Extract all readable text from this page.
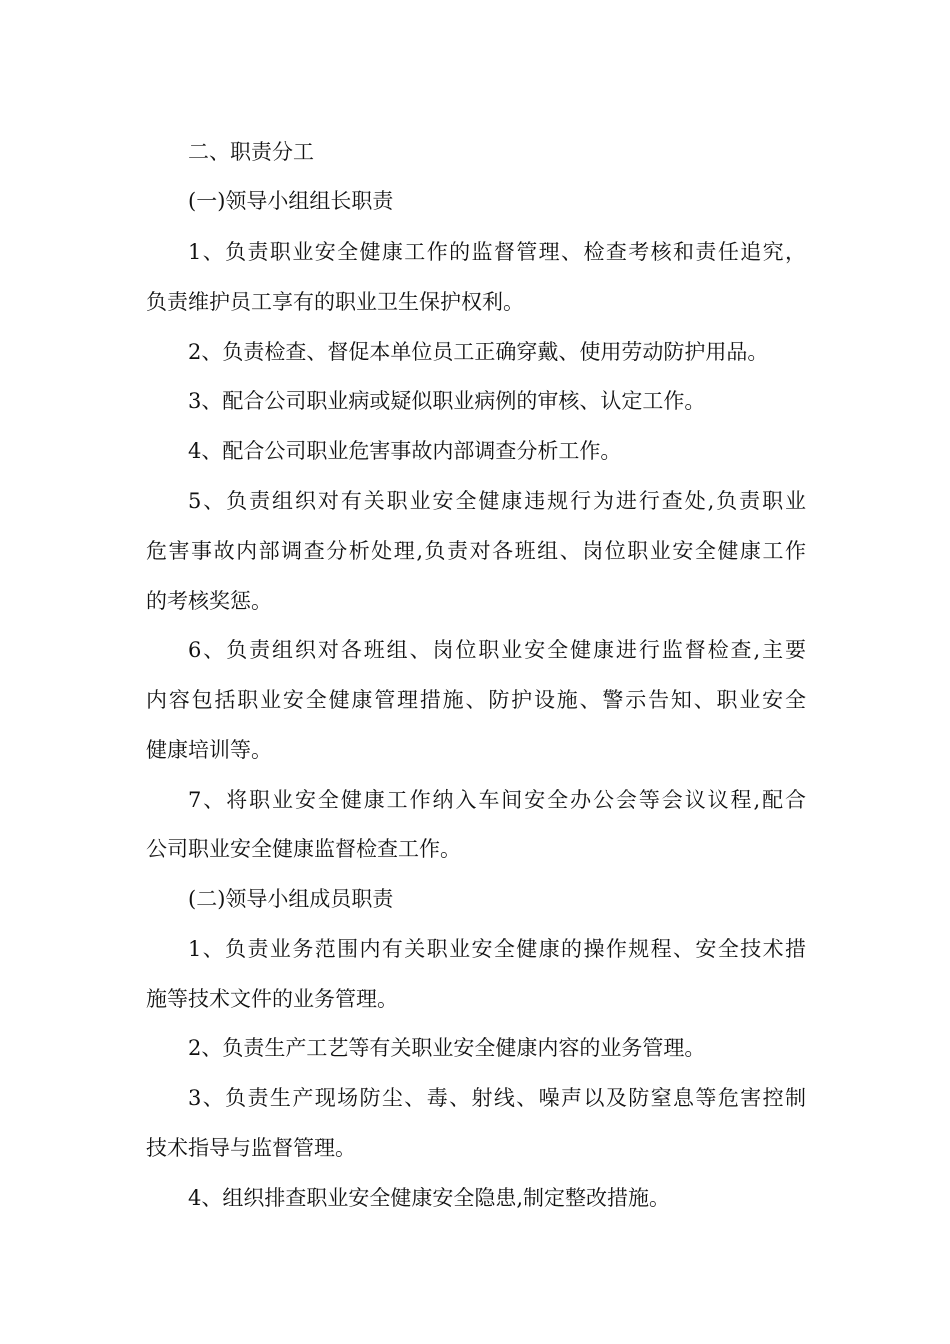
二、职责分工
(一)领导小组组长职责
1、负责职业安全健康工作的监督管理、检查考核和责任追究，
负责维护员工享有的职业卫生保护权利。
2、负责检查、督促本单位员工正确穿戴、使用劳动防护用品。
3、配合公司职业病或疑似职业病例的审核、认定工作。
4、配合公司职业危害事故内部调查分析工作。
5、负责组织对有关职业安全健康违规行为进行查处,负责职业
危害事故内部调查分析处理,负责对各班组、岗位职业安全健康工作
的考核奖惩。
6、负责组织对各班组、岗位职业安全健康进行监督检查,主要
内容包括职业安全健康管理措施、防护设施、警示告知、职业安全
健康培训等。
7、将职业安全健康工作纳入车间安全办公会等会议议程,配合
公司职业安全健康监督检查工作。
(二)领导小组成员职责
1、负责业务范围内有关职业安全健康的操作规程、安全技术措
施等技术文件的业务管理。
2、负责生产工艺等有关职业安全健康内容的业务管理。
3、负责生产现场防尘、毒、射线、噪声以及防窒息等危害控制
技术指导与监督管理。
4、组织排查职业安全健康安全隐患,制定整改措施。
